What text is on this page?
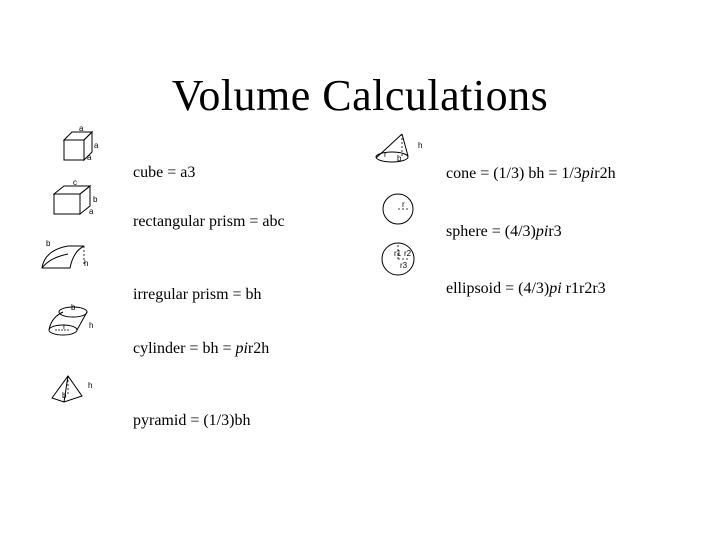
Volume Calculations
cube = a3
rectangular prism = abc
irregular prism = bh
cylinder = bh = pir2h
pyramid = (1/3)bh
cone = (1/3) bh = 1/3pir2h
sphere = (4/3)pir3
ellipsoid = (4/3)pi r1r2r3
a
a
a
c
b
a
b
h
b
h
r
h
b
h
r b
r
r1 r2
r3
